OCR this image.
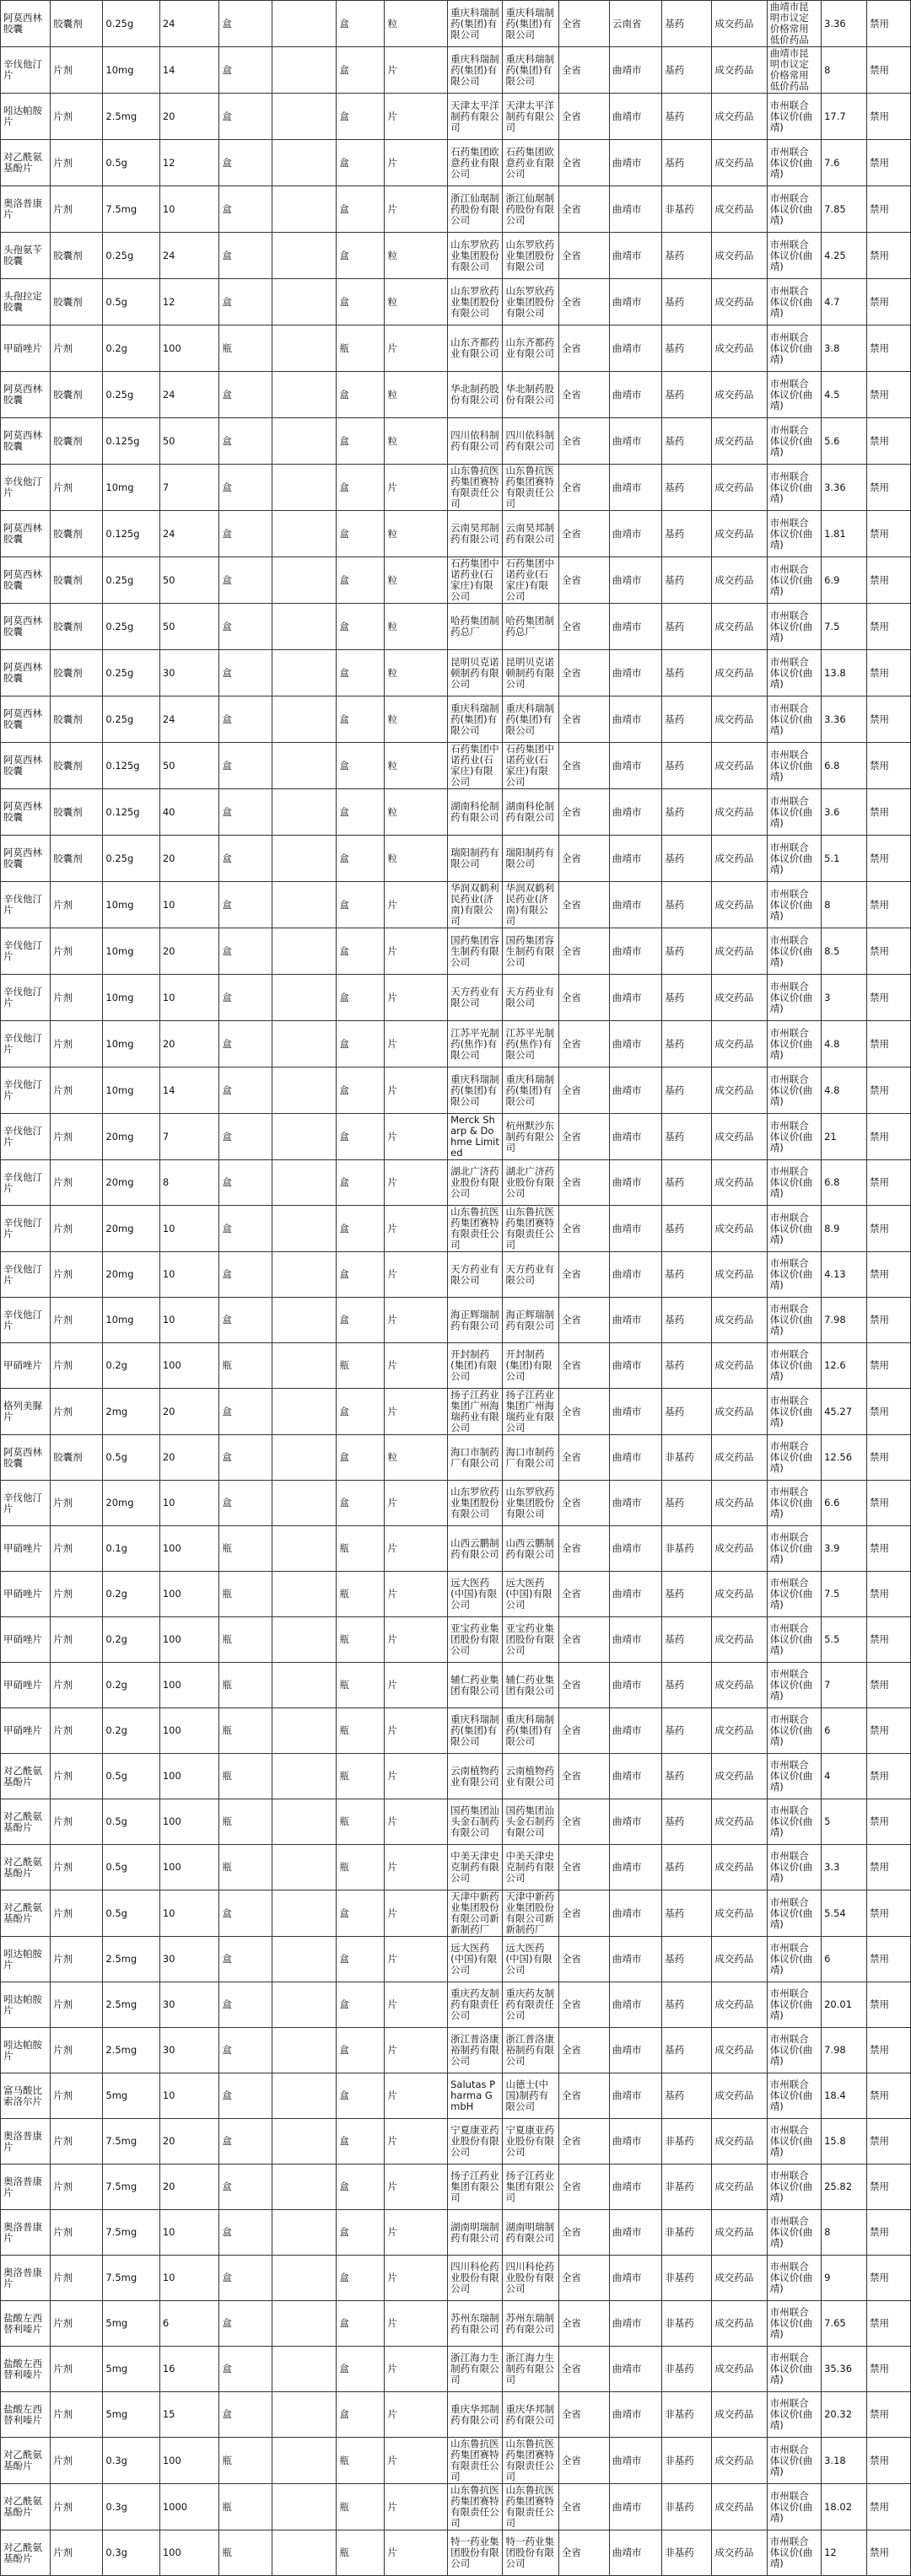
阿莫西林胶囊	胶囊剂	0.25g	24	盒		盒	粒	重庆科瑞制药(集团)有限公司	重庆科瑞制药(集团)有限公司	全省	云南省	基药	成交药品	曲靖市昆明市议定价格常用低价药品	3.36	禁用
辛伐他汀片	片剂	10mg	14	盒		盒	片	重庆科瑞制药(集团)有限公司	重庆科瑞制药(集团)有限公司	全省	曲靖市	基药	成交药品	曲靖市昆明市议定价格常用低价药品	8	禁用
吲达帕胺片	片剂	2.5mg	20	盒		盒	片	天津太平洋制药有限公司	天津太平洋制药有限公司	全省	曲靖市	基药	成交药品	市州联合体议价(曲靖)	17.7	禁用
对乙酰氨基酚片	片剂	0.5g	12	盒		盒	片	石药集团欧意药业有限公司	石药集团欧意药业有限公司	全省	曲靖市	基药	成交药品	市州联合体议价(曲靖)	7.6	禁用
奥洛普康片	片剂	7.5mg	10	盒		盒	片	浙江仙琚制药股份有限公司	浙江仙琚制药股份有限公司	全省	曲靖市	非基药	成交药品	市州联合体议价(曲靖)	7.85	禁用
头孢氨苄胶囊	胶囊剂	0.25g	24	盒		盒	粒	山东罗欣药业集团股份有限公司	山东罗欣药业集团股份有限公司	全省	曲靖市	基药	成交药品	市州联合体议价(曲靖)	4.25	禁用
头孢拉定胶囊	胶囊剂	0.5g	12	盒		盒	粒	山东罗欣药业集团股份有限公司	山东罗欣药业集团股份有限公司	全省	曲靖市	基药	成交药品	市州联合体议价(曲靖)	4.7	禁用
甲硝唑片	片剂	0.2g	100	瓶		瓶	片	山东齐都药业有限公司	山东齐都药业有限公司	全省	曲靖市	基药	成交药品	市州联合体议价(曲靖)	3.8	禁用
阿莫西林胶囊	胶囊剂	0.25g	24	盒		盒	粒	华北制药股份有限公司	华北制药股份有限公司	全省	曲靖市	基药	成交药品	市州联合体议价(曲靖)	4.5	禁用
阿莫西林胶囊	胶囊剂	0.125g	50	盒		盒	粒	四川依科制药有限公司	四川依科制药有限公司	全省	曲靖市	基药	成交药品	市州联合体议价(曲靖)	5.6	禁用
辛伐他汀片	片剂	10mg	7	盒		盒	片	山东鲁抗医药集团赛特有限责任公司	山东鲁抗医药集团赛特有限责任公司	全省	曲靖市	基药	成交药品	市州联合体议价(曲靖)	3.36	禁用
阿莫西林胶囊	胶囊剂	0.125g	24	盒		盒	粒	云南昊邦制药有限公司	云南昊邦制药有限公司	全省	曲靖市	基药	成交药品	市州联合体议价(曲靖)	1.81	禁用
阿莫西林胶囊	胶囊剂	0.25g	50	盒		盒	粒	石药集团中诺药业(石家庄)有限公司	石药集团中诺药业(石家庄)有限公司	全省	曲靖市	基药	成交药品	市州联合体议价(曲靖)	6.9	禁用
阿莫西林胶囊	胶囊剂	0.25g	50	盒		盒	粒	哈药集团制药总厂	哈药集团制药总厂	全省	曲靖市	基药	成交药品	市州联合体议价(曲靖)	7.5	禁用
阿莫西林胶囊	胶囊剂	0.25g	30	盒		盒	粒	昆明贝克诺顿制药有限公司	昆明贝克诺顿制药有限公司	全省	曲靖市	基药	成交药品	市州联合体议价(曲靖)	13.8	禁用
阿莫西林胶囊	胶囊剂	0.25g	24	盒		盒	粒	重庆科瑞制药(集团)有限公司	重庆科瑞制药(集团)有限公司	全省	曲靖市	基药	成交药品	市州联合体议价(曲靖)	3.36	禁用
阿莫西林胶囊	胶囊剂	0.125g	50	盒		盒	粒	石药集团中诺药业(石家庄)有限公司	石药集团中诺药业(石家庄)有限公司	全省	曲靖市	基药	成交药品	市州联合体议价(曲靖)	6.8	禁用
阿莫西林胶囊	胶囊剂	0.125g	40	盒		盒	粒	湖南科伦制药有限公司	湖南科伦制药有限公司	全省	曲靖市	基药	成交药品	市州联合体议价(曲靖)	3.6	禁用
阿莫西林胶囊	胶囊剂	0.25g	20	盒		盒	粒	瑞阳制药有限公司	瑞阳制药有限公司	全省	曲靖市	基药	成交药品	市州联合体议价(曲靖)	5.1	禁用
辛伐他汀片	片剂	10mg	10	盒		盒	片	华润双鹤利民药业(济南)有限公司	华润双鹤利民药业(济南)有限公司	全省	曲靖市	基药	成交药品	市州联合体议价(曲靖)	8	禁用
辛伐他汀片	片剂	10mg	20	盒		盒	片	国药集团容生制药有限公司	国药集团容生制药有限公司	全省	曲靖市	基药	成交药品	市州联合体议价(曲靖)	8.5	禁用
辛伐他汀片	片剂	10mg	10	盒		盒	片	天方药业有限公司	天方药业有限公司	全省	曲靖市	基药	成交药品	市州联合体议价(曲靖)	3	禁用
辛伐他汀片	片剂	10mg	20	盒		盒	片	江苏平光制药(焦作)有限公司	江苏平光制药(焦作)有限公司	全省	曲靖市	基药	成交药品	市州联合体议价(曲靖)	4.8	禁用
辛伐他汀片	片剂	10mg	14	盒		盒	片	重庆科瑞制药(集团)有限公司	重庆科瑞制药(集团)有限公司	全省	曲靖市	基药	成交药品	市州联合体议价(曲靖)	4.8	禁用
辛伐他汀片	片剂	20mg	7	盒		盒	片	Merck Sharp & Dohme Limited	杭州默沙东制药有限公司	全省	曲靖市	基药	成交药品	市州联合体议价(曲靖)	21	禁用
辛伐他汀片	片剂	20mg	8	盒		盒	片	湖北广济药业股份有限公司	湖北广济药业股份有限公司	全省	曲靖市	基药	成交药品	市州联合体议价(曲靖)	6.8	禁用
辛伐他汀片	片剂	20mg	10	盒		盒	片	山东鲁抗医药集团赛特有限责任公司	山东鲁抗医药集团赛特有限责任公司	全省	曲靖市	基药	成交药品	市州联合体议价(曲靖)	8.9	禁用
辛伐他汀片	片剂	20mg	10	盒		盒	片	天方药业有限公司	天方药业有限公司	全省	曲靖市	基药	成交药品	市州联合体议价(曲靖)	4.13	禁用
辛伐他汀片	片剂	10mg	10	盒		盒	片	海正辉瑞制药有限公司	海正辉瑞制药有限公司	全省	曲靖市	基药	成交药品	市州联合体议价(曲靖)	7.98	禁用
甲硝唑片	片剂	0.2g	100	瓶		瓶	片	开封制药(集团)有限公司	开封制药(集团)有限公司	全省	曲靖市	基药	成交药品	市州联合体议价(曲靖)	12.6	禁用
格列美脲片	片剂	2mg	20	盒		盒	片	扬子江药业集团广州海瑞药业有限公司	扬子江药业集团广州海瑞药业有限公司	全省	曲靖市	基药	成交药品	市州联合体议价(曲靖)	45.27	禁用
阿莫西林胶囊	胶囊剂	0.5g	20	盒		盒	粒	海口市制药厂有限公司	海口市制药厂有限公司	全省	曲靖市	非基药	成交药品	市州联合体议价(曲靖)	12.56	禁用
辛伐他汀片	片剂	20mg	10	盒		盒	片	山东罗欣药业集团股份有限公司	山东罗欣药业集团股份有限公司	全省	曲靖市	基药	成交药品	市州联合体议价(曲靖)	6.6	禁用
甲硝唑片	片剂	0.1g	100	瓶		瓶	片	山西云鹏制药有限公司	山西云鹏制药有限公司	全省	曲靖市	非基药	成交药品	市州联合体议价(曲靖)	3.9	禁用
甲硝唑片	片剂	0.2g	100	瓶		瓶	片	远大医药(中国)有限公司	远大医药(中国)有限公司	全省	曲靖市	基药	成交药品	市州联合体议价(曲靖)	7.5	禁用
甲硝唑片	片剂	0.2g	100	瓶		瓶	片	亚宝药业集团股份有限公司	亚宝药业集团股份有限公司	全省	曲靖市	基药	成交药品	市州联合体议价(曲靖)	5.5	禁用
甲硝唑片	片剂	0.2g	100	瓶		瓶	片	辅仁药业集团有限公司	辅仁药业集团有限公司	全省	曲靖市	基药	成交药品	市州联合体议价(曲靖)	7	禁用
甲硝唑片	片剂	0.2g	100	瓶		瓶	片	重庆科瑞制药(集团)有限公司	重庆科瑞制药(集团)有限公司	全省	曲靖市	基药	成交药品	市州联合体议价(曲靖)	6	禁用
对乙酰氨基酚片	片剂	0.5g	100	瓶		瓶	片	云南植物药业有限公司	云南植物药业有限公司	全省	曲靖市	基药	成交药品	市州联合体议价(曲靖)	4	禁用
对乙酰氨基酚片	片剂	0.5g	100	瓶		瓶	片	国药集团汕头金石制药有限公司	国药集团汕头金石制药有限公司	全省	曲靖市	基药	成交药品	市州联合体议价(曲靖)	5	禁用
对乙酰氨基酚片	片剂	0.5g	100	瓶		瓶	片	中美天津史克制药有限公司	中美天津史克制药有限公司	全省	曲靖市	基药	成交药品	市州联合体议价(曲靖)	3.3	禁用
对乙酰氨基酚片	片剂	0.5g	10	盒		盒	片	天津中新药业集团股份有限公司新新制药厂	天津中新药业集团股份有限公司新新制药厂	全省	曲靖市	基药	成交药品	市州联合体议价(曲靖)	5.54	禁用
吲达帕胺片	片剂	2.5mg	30	盒		盒	片	远大医药(中国)有限公司	远大医药(中国)有限公司	全省	曲靖市	基药	成交药品	市州联合体议价(曲靖)	6	禁用
吲达帕胺片	片剂	2.5mg	30	盒		盒	片	重庆药友制药有限责任公司	重庆药友制药有限责任公司	全省	曲靖市	基药	成交药品	市州联合体议价(曲靖)	20.01	禁用
吲达帕胺片	片剂	2.5mg	30	盒		盒	片	浙江普洛康裕制药有限公司	浙江普洛康裕制药有限公司	全省	曲靖市	基药	成交药品	市州联合体议价(曲靖)	7.98	禁用
富马酸比索洛尔片	片剂	5mg	10	盒		盒	片	Salutas Pharma GmbH	山德士(中国)制药有限公司	全省	曲靖市	基药	成交药品	市州联合体议价(曲靖)	18.4	禁用
奥洛普康片	片剂	7.5mg	20	盒		盒	片	宁夏康亚药业股份有限公司	宁夏康亚药业股份有限公司	全省	曲靖市	非基药	成交药品	市州联合体议价(曲靖)	15.8	禁用
奥洛普康片	片剂	7.5mg	20	盒		盒	片	扬子江药业集团有限公司	扬子江药业集团有限公司	全省	曲靖市	非基药	成交药品	市州联合体议价(曲靖)	25.82	禁用
奥洛普康片	片剂	7.5mg	10	盒		盒	片	湖南明瑞制药有限公司	湖南明瑞制药有限公司	全省	曲靖市	非基药	成交药品	市州联合体议价(曲靖)	8	禁用
奥洛普康片	片剂	7.5mg	10	盒		盒	片	四川科伦药业股份有限公司	四川科伦药业股份有限公司	全省	曲靖市	非基药	成交药品	市州联合体议价(曲靖)	9	禁用
盐酸左西替利嗪片	片剂	5mg	6	盒		盒	片	苏州东瑞制药有限公司	苏州东瑞制药有限公司	全省	曲靖市	非基药	成交药品	市州联合体议价(曲靖)	7.65	禁用
盐酸左西替利嗪片	片剂	5mg	16	盒		盒	片	浙江海力生制药有限公司	浙江海力生制药有限公司	全省	曲靖市	非基药	成交药品	市州联合体议价(曲靖)	35.36	禁用
盐酸左西替利嗪片	片剂	5mg	15	盒		盒	片	重庆华邦制药有限公司	重庆华邦制药有限公司	全省	曲靖市	非基药	成交药品	市州联合体议价(曲靖)	20.32	禁用
对乙酰氨基酚片	片剂	0.3g	100	瓶		瓶	片	山东鲁抗医药集团赛特有限责任公司	山东鲁抗医药集团赛特有限责任公司	全省	曲靖市	非基药	成交药品	市州联合体议价(曲靖)	3.18	禁用
对乙酰氨基酚片	片剂	0.3g	1000	瓶		瓶	片	山东鲁抗医药集团赛特有限责任公司	山东鲁抗医药集团赛特有限责任公司	全省	曲靖市	非基药	成交药品	市州联合体议价(曲靖)	18.02	禁用
对乙酰氨基酚片	片剂	0.3g	100	瓶		瓶	片	特一药业集团股份有限公司	特一药业集团股份有限公司	全省	曲靖市	非基药	成交药品	市州联合体议价(曲靖)	12	禁用
